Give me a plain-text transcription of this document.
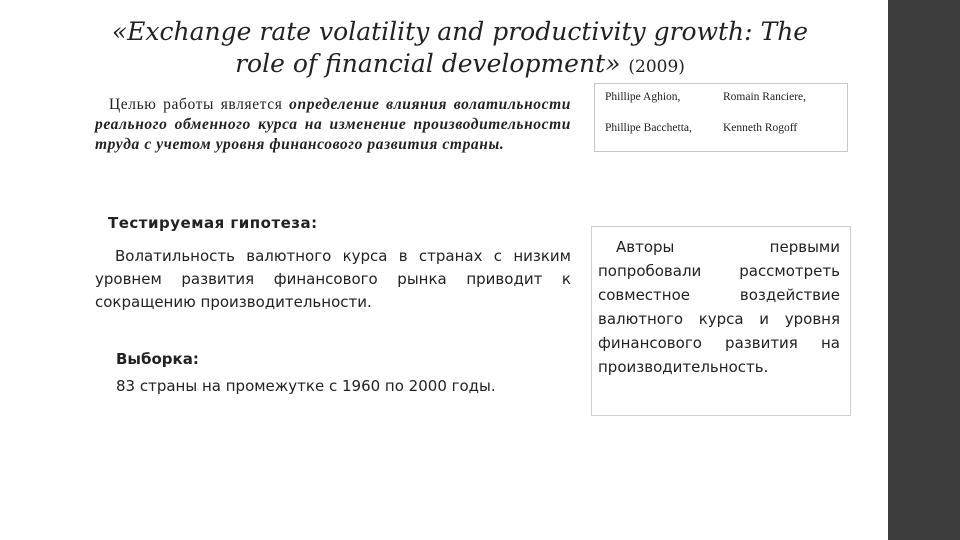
«Exchange rate volatility and productivity growth: The role of financial development» (2009)

Целью работы является определение влияния волатильности реального обменного курса на изменение производительности труда с учетом уровня финансового развития страны.

Тестируемая гипотеза:

Волатильность валютного курса в странах с низким уровнем развития финансового рынка приводит к сокращению производительности.

Выборка:
83 страны на промежутке с 1960 по 2000 годы.
Phillipe Aghion,	Romain Ranciere,
Phillipe Bacchetta,	Kenneth Rogoff

Авторы первыми попробовали рассмотреть совместное воздействие валютного курса и уровня финансового развития на производительность.
